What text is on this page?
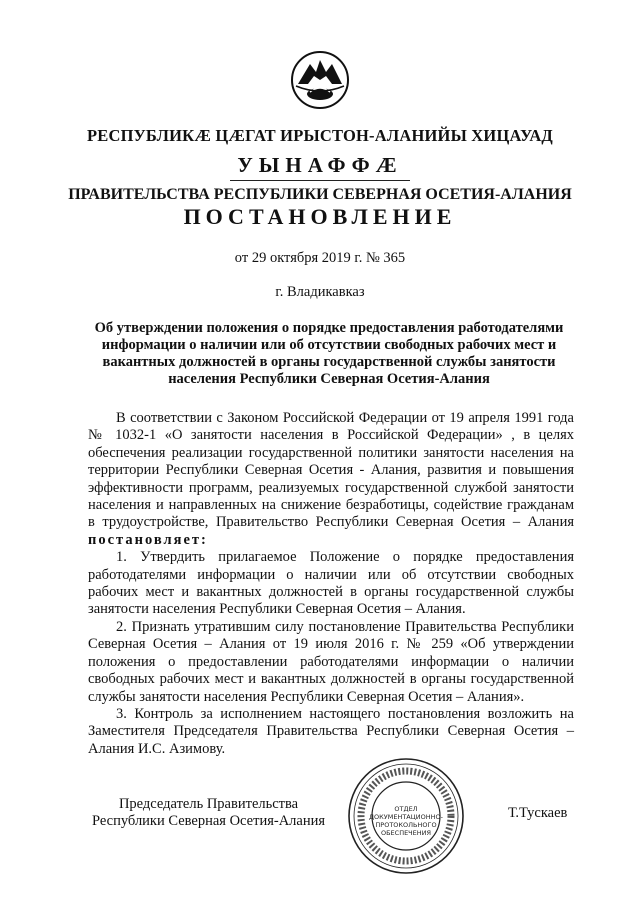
РЕСПУБЛИКӔ ЦӔГАТ ИРЫСТОН-АЛАНИЙЫ ХИЦАУАД
УЫНАФФӔ
ПРАВИТЕЛЬСТВА РЕСПУБЛИКИ СЕВЕРНАЯ ОСЕТИЯ-АЛАНИЯ
ПОСТАНОВЛЕНИЕ
от 29 октября 2019 г. № 365
г. Владикавказ
Об утверждении положения о порядке предоставления работодателями информации о наличии или об отсутствии свободных рабочих мест и вакантных должностей в органы государственной службы занятости населения Республики Северная Осетия-Алания

В соответствии с Законом Российской Федерации от 19 апреля 1991 года № 1032-1 «О занятости населения в Российской Федерации» , в целях обеспечения реализации государственной политики занятости населения на территории Республики Северная Осетия - Алания, развития и повышения эффективности программ, реализуемых государственной службой занятости населения и направленных на снижение безработицы, содействие гражданам в трудоустройстве, Правительство Республики Северная Осетия – Алания постановляет:

1. Утвердить прилагаемое Положение о порядке предоставления работодателями информации о наличии или об отсутствии свободных рабочих мест и вакантных должностей в органы государственной службы занятости населения Республики Северная Осетия – Алания.

2. Признать утратившим силу постановление Правительства Республики Северная Осетия – Алания от 19 июля 2016 г. № 259 «Об утверждении положения о предоставлении работодателями информации о наличии свободных рабочих мест и вакантных должностей в органы государственной службы занятости населения Республики Северная Осетия – Алания».

3. Контроль за исполнением настоящего постановления возложить на Заместителя Председателя Правительства Республики Северная Осетия – Алания И.С. Азимову.

Председатель Правительства
Республики Северная Осетия-Алания
ОТДЕЛ ДОКУМЕНТАЦИОННО-ПРОТОКОЛЬНОГО ОБЕСПЕЧЕНИЯ
Т.Тускаев
